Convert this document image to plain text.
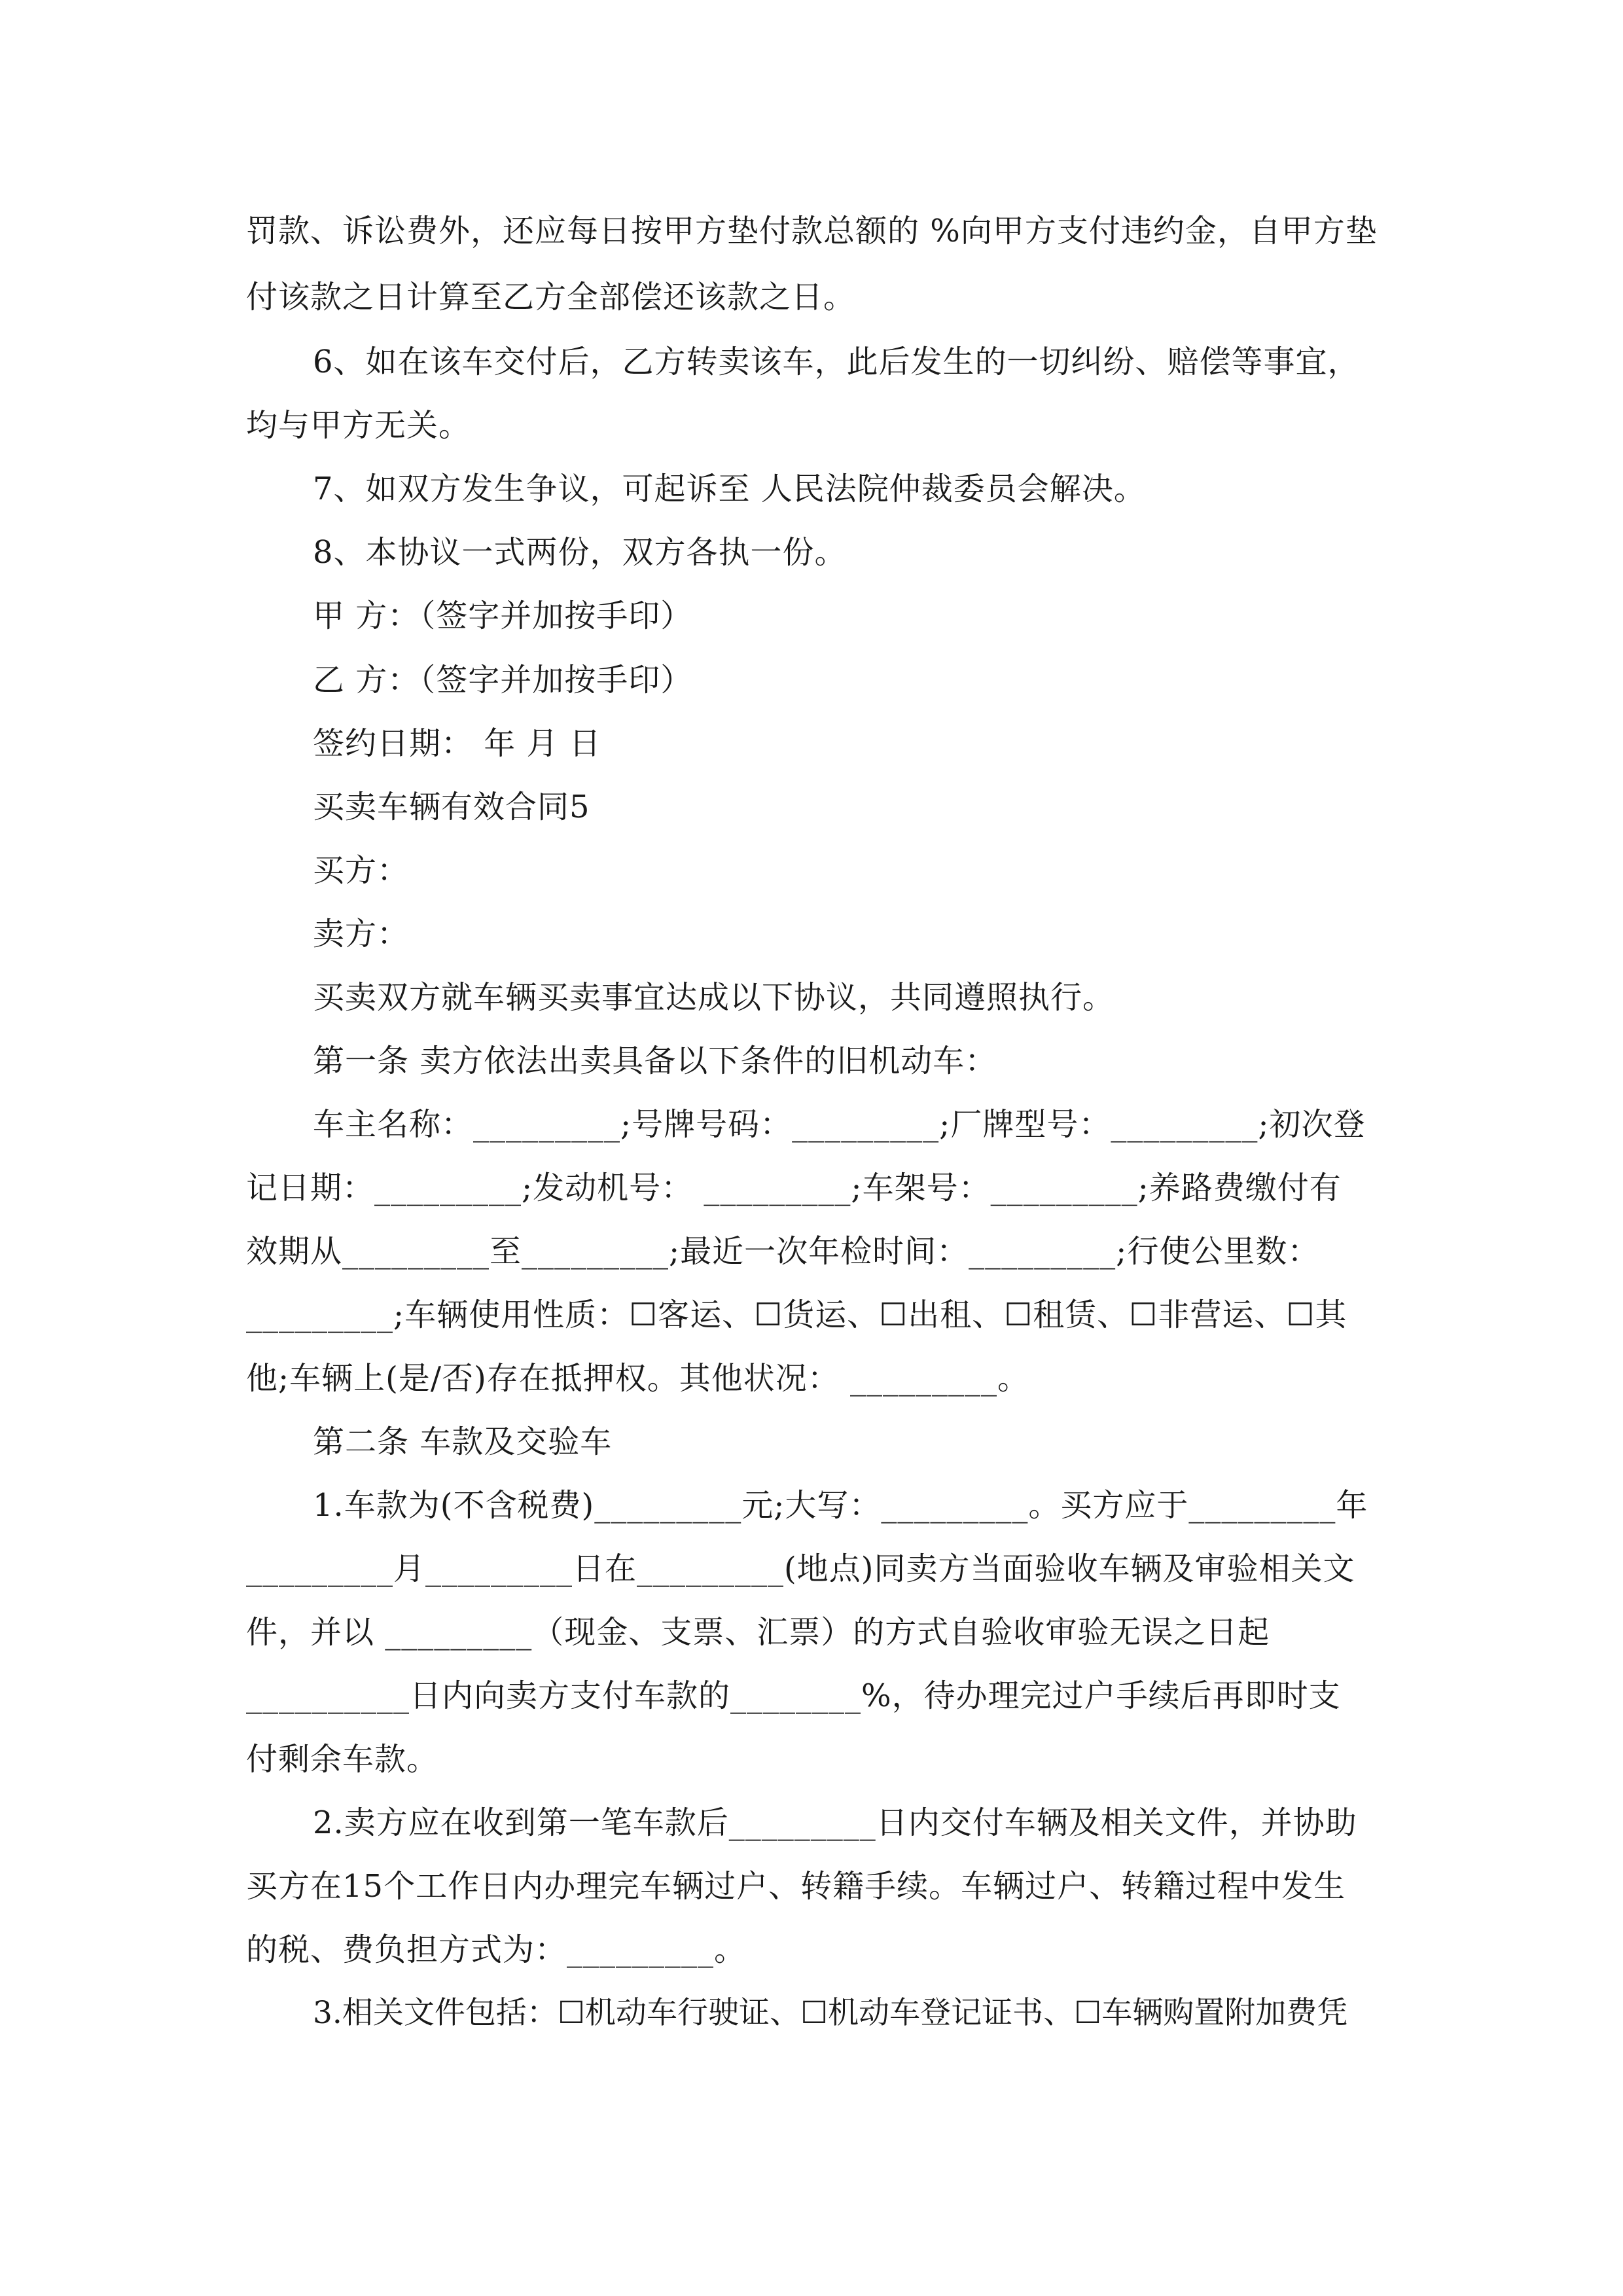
罚款、诉讼费外，还应每日按甲方垫付款总额的 %向甲方支付违约金，自甲方垫
付该款之日计算至乙方全部偿还该款之日。
6、如在该车交付后，乙方转卖该车，此后发生的一切纠纷、赔偿等事宜，
均与甲方无关。
7、如双方发生争议，可起诉至 人民法院仲裁委员会解决。
8、本协议一式两份，双方各执一份。
甲 方：（签字并加按手印）
乙 方：（签字并加按手印）
签约日期： 年 月 日
买卖车辆有效合同5
买方：
卖方：
买卖双方就车辆买卖事宜达成以下协议，共同遵照执行。
第一条 卖方依法出卖具备以下条件的旧机动车：
车主名称：_________;号牌号码：_________;厂牌型号：_________;初次登
记日期：_________;发动机号： _________;车架号：_________;养路费缴付有
效期从_________至_________;最近一次年检时间：_________;行使公里数：
_________;车辆使用性质：☐客运、☐货运、☐出租、☐租赁、☐非营运、☐其
他;车辆上(是/否)存在抵押权。其他状况： _________。
第二条 车款及交验车
1.车款为(不含税费)_________元;大写：_________。买方应于_________年
_________月_________日在_________(地点)同卖方当面验收车辆及审验相关文
件，并以 _________（现金、支票、汇票）的方式自验收审验无误之日起
__________日内向卖方支付车款的________%，待办理完过户手续后再即时支
付剩余车款。
2.卖方应在收到第一笔车款后_________日内交付车辆及相关文件，并协助
买方在15个工作日内办理完车辆过户、转籍手续。车辆过户、转籍过程中发生
的税、费负担方式为：_________。
3.相关文件包括：☐机动车行驶证、☐机动车登记证书、☐车辆购置附加费凭
